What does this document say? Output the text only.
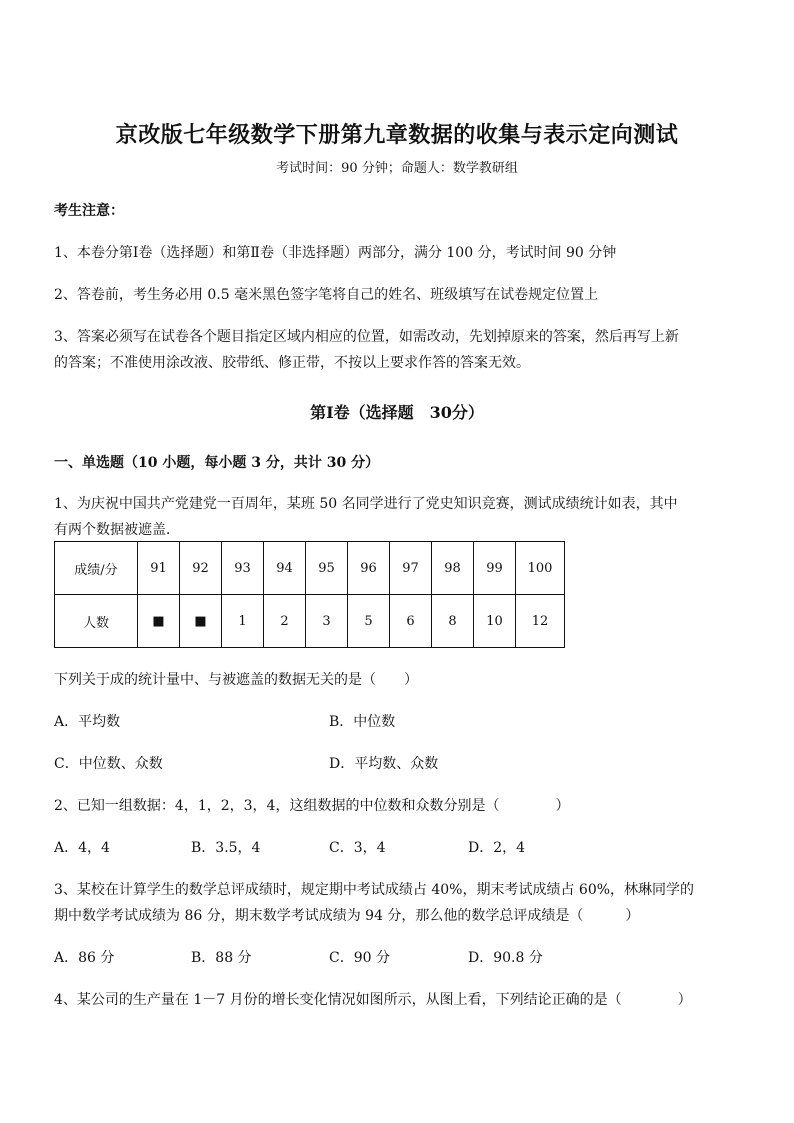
京改版七年级数学下册第九章数据的收集与表示定向测试
考试时间：90 分钟；命题人：数学教研组
考生注意：
1、本卷分第Ⅰ卷（选择题）和第Ⅱ卷（非选择题）两部分，满分 100 分，考试时间 90 分钟
2、答卷前，考生务必用 0.5 毫米黑色签字笔将自己的姓名、班级填写在试卷规定位置上
3、答案必须写在试卷各个题目指定区域内相应的位置，如需改动，先划掉原来的答案，然后再写上新
的答案；不准使用涂改液、胶带纸、修正带，不按以上要求作答的答案无效。
第Ⅰ卷（选择题　30分）
一、单选题（10 小题，每小题 3 分，共计 30 分）
1、为庆祝中国共产党建党一百周年，某班 50 名同学进行了党史知识竞赛，测试成绩统计如表，其中
有两个数据被遮盖．
成绩/分	91	92	93	94	95	96	97	98	99	100
人数	■	■	1	2	3	5	6	8	10	12
下列关于成的统计量中、与被遮盖的数据无关的是（　　）
A．平均数	B．中位数
C．中位数、众数	D．平均数、众数
2、已知一组数据：4，1，2，3，4，这组数据的中位数和众数分别是（　　　　）
A．4，4	B．3.5，4	C．3，4	D．2，4
3、某校在计算学生的数学总评成绩时，规定期中考试成绩占 40%，期末考试成绩占 60%，林琳同学的
期中数学考试成绩为 86 分，期末数学考试成绩为 94 分，那么他的数学总评成绩是（　　　）
A．86 分	B．88 分	C．90 分	D．90.8 分
4、某公司的生产量在 1－7 月份的增长变化情况如图所示，从图上看，下列结论正确的是（　　　　）
